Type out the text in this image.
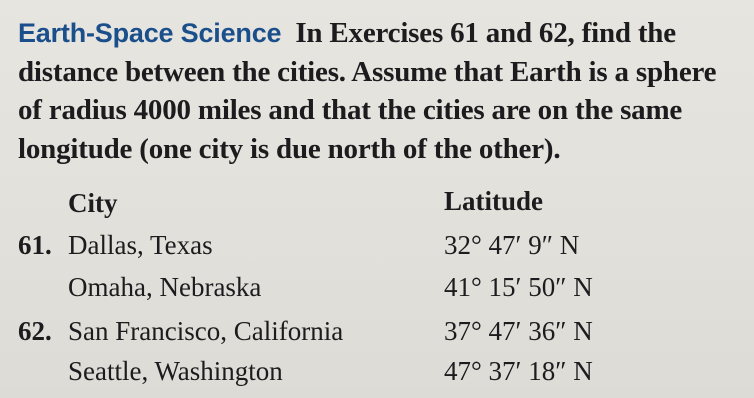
Earth-Space Science In Exercises 61 and 62, find the distance between the cities. Assume that Earth is a sphere of radius 4000 miles and that the cities are on the same longitude (one city is due north of the other).
City	Latitude
61. Dallas, Texas	32° 47′ 9″ N
Omaha, Nebraska	41° 15′ 50″ N
62. San Francisco, California	37° 47′ 36″ N
Seattle, Washington	47° 37′ 18″ N
